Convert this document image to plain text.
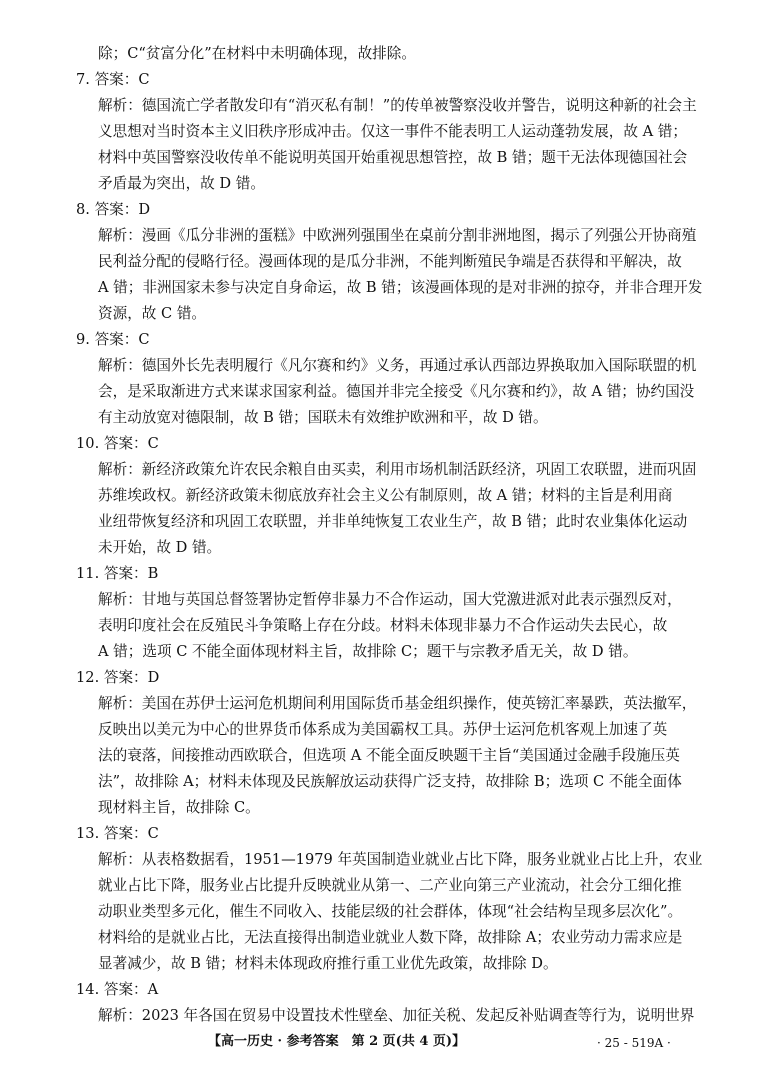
除；C“贫富分化”在材料中未明确体现，故排除。
7. 答案：C
解析：德国流亡学者散发印有“消灭私有制！”的传单被警察没收并警告，说明这种新的社会主
义思想对当时资本主义旧秩序形成冲击。仅这一事件不能表明工人运动蓬勃发展，故 A 错；
材料中英国警察没收传单不能说明英国开始重视思想管控，故 B 错；题干无法体现德国社会
矛盾最为突出，故 D 错。
8. 答案：D
解析：漫画《瓜分非洲的蛋糕》中欧洲列强围坐在桌前分割非洲地图，揭示了列强公开协商殖
民利益分配的侵略行径。漫画体现的是瓜分非洲，不能判断殖民争端是否获得和平解决，故
A 错；非洲国家未参与决定自身命运，故 B 错；该漫画体现的是对非洲的掠夺，并非合理开发
资源，故 C 错。
9. 答案：C
解析：德国外长先表明履行《凡尔赛和约》义务，再通过承认西部边界换取加入国际联盟的机
会，是采取渐进方式来谋求国家利益。德国并非完全接受《凡尔赛和约》，故 A 错；协约国没
有主动放宽对德限制，故 B 错；国联未有效维护欧洲和平，故 D 错。
10. 答案：C
解析：新经济政策允许农民余粮自由买卖，利用市场机制活跃经济，巩固工农联盟，进而巩固
苏维埃政权。新经济政策未彻底放弃社会主义公有制原则，故 A 错；材料的主旨是利用商
业纽带恢复经济和巩固工农联盟，并非单纯恢复工农业生产，故 B 错；此时农业集体化运动
未开始，故 D 错。
11. 答案：B
解析：甘地与英国总督签署协定暂停非暴力不合作运动，国大党激进派对此表示强烈反对，
表明印度社会在反殖民斗争策略上存在分歧。材料未体现非暴力不合作运动失去民心，故
A 错；选项 C 不能全面体现材料主旨，故排除 C；题干与宗教矛盾无关，故 D 错。
12. 答案：D
解析：美国在苏伊士运河危机期间利用国际货币基金组织操作，使英镑汇率暴跌，英法撤军，
反映出以美元为中心的世界货币体系成为美国霸权工具。苏伊士运河危机客观上加速了英
法的衰落，间接推动西欧联合，但选项 A 不能全面反映题干主旨“美国通过金融手段施压英
法”，故排除 A；材料未体现及民族解放运动获得广泛支持，故排除 B；选项 C 不能全面体
现材料主旨，故排除 C。
13. 答案：C
解析：从表格数据看，1951—1979 年英国制造业就业占比下降，服务业就业占比上升，农业
就业占比下降，服务业占比提升反映就业从第一、二产业向第三产业流动，社会分工细化推
动职业类型多元化，催生不同收入、技能层级的社会群体，体现“社会结构呈现多层次化”。
材料给的是就业占比，无法直接得出制造业就业人数下降，故排除 A；农业劳动力需求应是
显著减少，故 B 错；材料未体现政府推行重工业优先政策，故排除 D。
14. 答案：A
【高一历史 · 参考答案　第 2 页(共 4 页)】	· 25 - 519A ·
解析：2023 年各国在贸易中设置技术性壁垒、加征关税、发起反补贴调查等行为，说明世界
